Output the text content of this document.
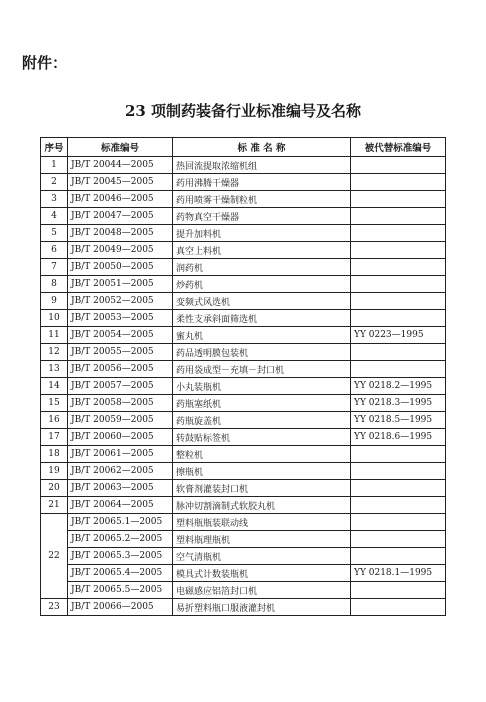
附件：
23 项制药装备行业标准编号及名称
序号	标准编号	标 准 名 称	被代替标准编号
1	JB/T 20044—2005	热回流提取浓缩机组	
2	JB/T 20045—2005	药用沸腾干燥器	
3	JB/T 20046—2005	药用喷雾干燥制粒机	
4	JB/T 20047—2005	药物真空干燥器	
5	JB/T 20048—2005	提升加料机	
6	JB/T 20049—2005	真空上料机	
7	JB/T 20050—2005	润药机	
8	JB/T 20051—2005	炒药机	
9	JB/T 20052—2005	变频式风选机	
10	JB/T 20053—2005	柔性支承斜面筛选机	
11	JB/T 20054—2005	蜜丸机	YY 0223—1995
12	JB/T 20055—2005	药品透明膜包装机	
13	JB/T 20056—2005	药用袋成型－充填－封口机	
14	JB/T 20057—2005	小丸装瓶机	YY 0218.2—1995
15	JB/T 20058—2005	药瓶塞纸机	YY 0218.3—1995
16	JB/T 20059—2005	药瓶旋盖机	YY 0218.5—1995
17	JB/T 20060—2005	转鼓贴标签机	YY 0218.6—1995
18	JB/T 20061—2005	整粒机	
19	JB/T 20062—2005	擦瓶机	
20	JB/T 20063—2005	软膏剂灌装封口机	
21	JB/T 20064—2005	脉冲切割滴制式软胶丸机	
22	JB/T 20065.1—2005	塑料瓶瓶装联动线	
	JB/T 20065.2—2005	塑料瓶理瓶机	
	JB/T 20065.3—2005	空气清瓶机	
	JB/T 20065.4—2005	模具式计数装瓶机	YY 0218.1—1995
	JB/T 20065.5—2005	电磁感应铝箔封口机	
23	JB/T 20066—2005	易折塑料瓶口服液灌封机	
